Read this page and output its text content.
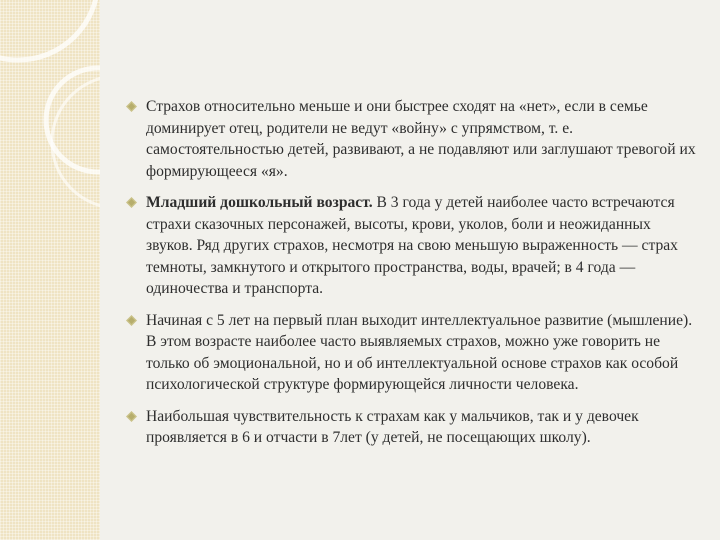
Страхов относительно меньше и они быстрее сходят на «нет», если в семье доминирует отец, родители не ведут «войну» с упрямством, т. е. самостоятельностью детей, развивают, а не подавляют или заглушают тревогой их формирующееся «я».
Младший дошкольный возраст. В 3 года у детей наиболее часто встречаются страхи сказочных персонажей, высоты, крови, уколов, боли и неожиданных звуков. Ряд других страхов, несмотря на свою меньшую выраженность — страх темноты, замкнутого и открытого пространства, воды, врачей; в 4 года — одиночества и транспорта.
Начиная с 5 лет на первый план выходит интеллектуальное развитие (мышление). В этом возрасте наиболее часто выявляемых страхов, можно уже говорить не только об эмоциональной, но и об интеллектуальной основе страхов как особой психологической структуре формирующейся личности человека.
Наибольшая чувствительность к страхам как у мальчиков, так и у девочек проявляется в 6 и отчасти в 7лет (у детей, не посещающих школу).
